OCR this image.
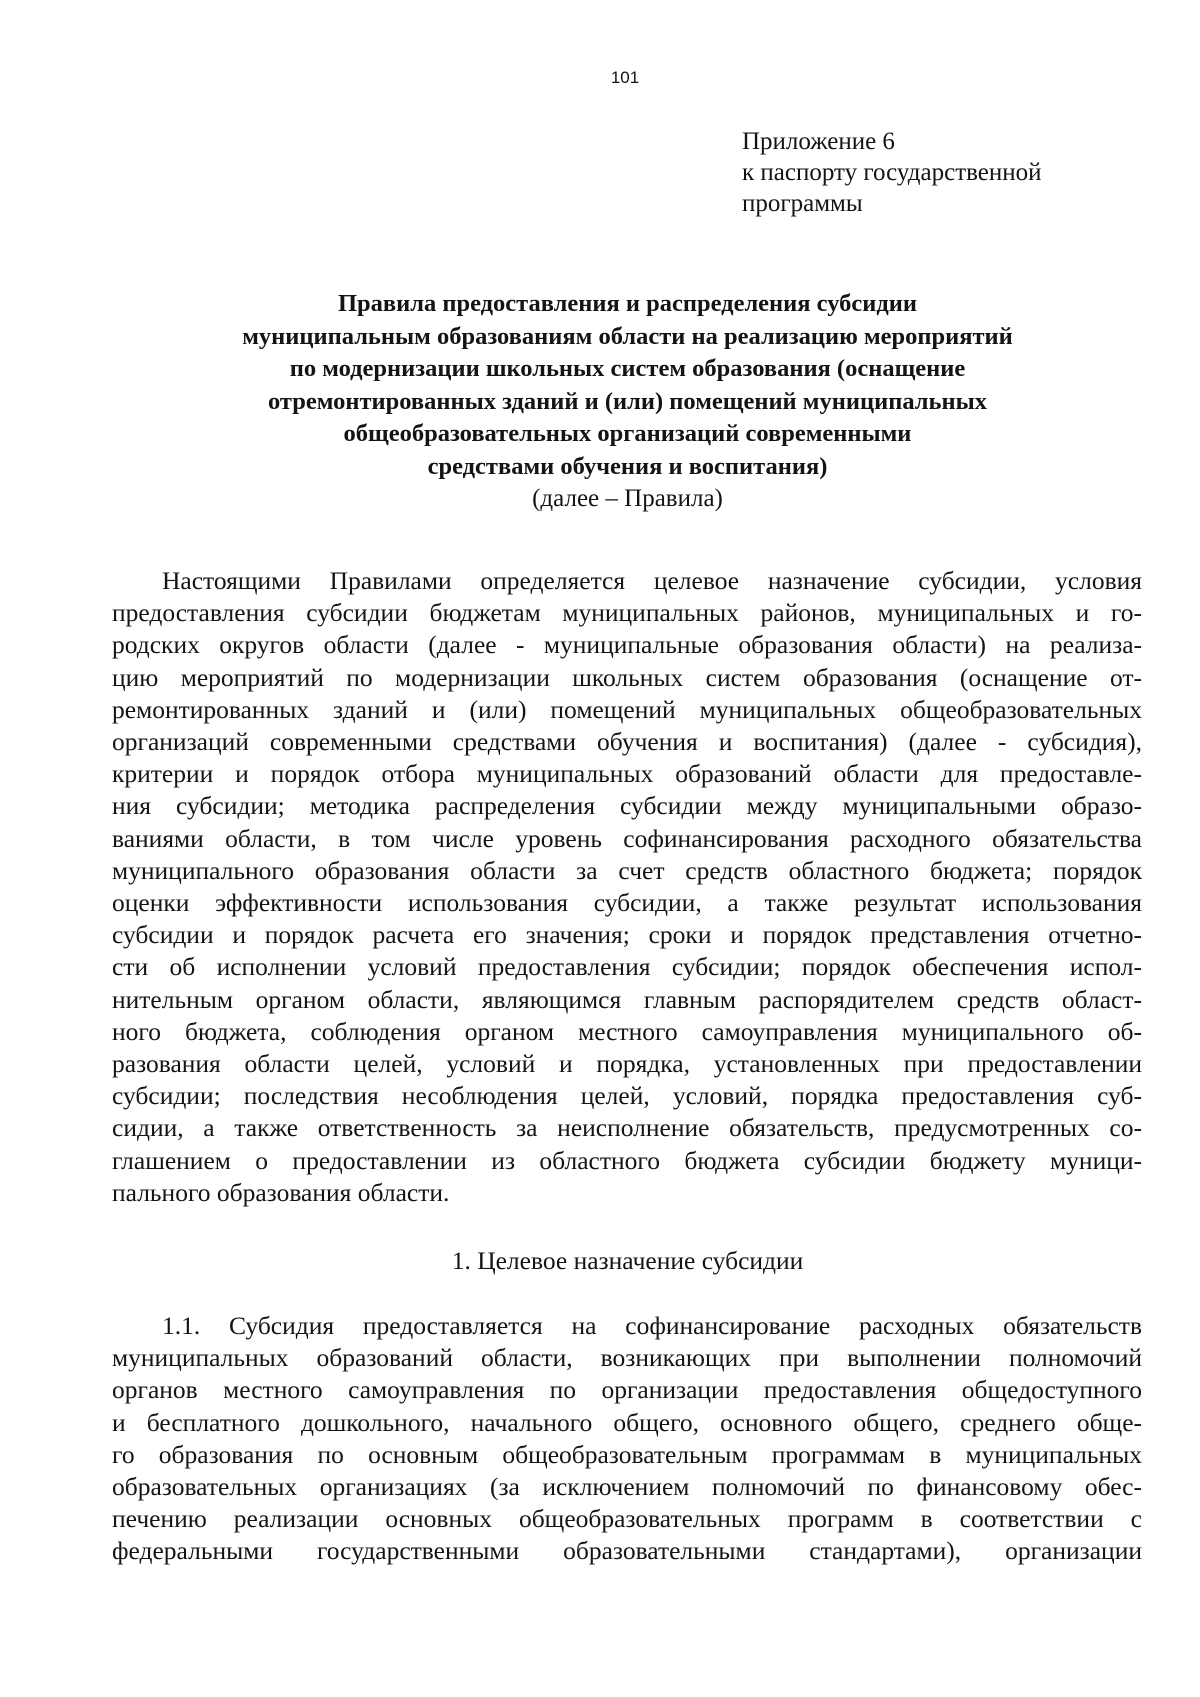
101
Приложение 6
к паспорту государственной
программы
Правила предоставления и распределения субсидии
муниципальным образованиям области на реализацию мероприятий
по модернизации школьных систем образования (оснащение
отремонтированных зданий и (или) помещений муниципальных
общеобразовательных организаций современными
средствами обучения и воспитания)
(далее – Правила)
Настоящими Правилами определяется целевое назначение субсидии, условия
предоставления субсидии бюджетам муниципальных районов, муниципальных и го-
родских округов области (далее - муниципальные образования области) на реализа-
цию мероприятий по модернизации школьных систем образования (оснащение от-
ремонтированных зданий и (или) помещений муниципальных общеобразовательных
организаций современными средствами обучения и воспитания) (далее - субсидия),
критерии и порядок отбора муниципальных образований области для предоставле-
ния субсидии; методика распределения субсидии между муниципальными образо-
ваниями области, в том числе уровень софинансирования расходного обязательства
муниципального образования области за счет средств областного бюджета; порядок
оценки эффективности использования субсидии, а также результат использования
субсидии и порядок расчета его значения; сроки и порядок представления отчетно-
сти об исполнении условий предоставления субсидии; порядок обеспечения испол-
нительным органом области, являющимся главным распорядителем средств област-
ного бюджета, соблюдения органом местного самоуправления муниципального об-
разования области целей, условий и порядка, установленных при предоставлении
субсидии; последствия несоблюдения целей, условий, порядка предоставления суб-
сидии, а также ответственность за неисполнение обязательств, предусмотренных со-
глашением о предоставлении из областного бюджета субсидии бюджету муници-
пального образования области.
1. Целевое назначение субсидии
1.1. Субсидия предоставляется на софинансирование расходных обязательств
муниципальных образований области, возникающих при выполнении полномочий
органов местного самоуправления по организации предоставления общедоступного
и бесплатного дошкольного, начального общего, основного общего, среднего обще-
го образования по основным общеобразовательным программам в муниципальных
образовательных организациях (за исключением полномочий по финансовому обес-
печению реализации основных общеобразовательных программ в соответствии с
федеральными государственными образовательными стандартами), организации
